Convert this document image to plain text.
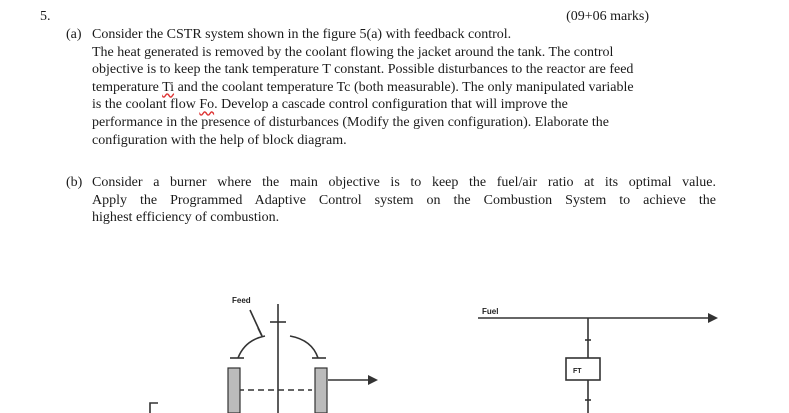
5.	(09+06 marks)
(a) Consider the CSTR system shown in the figure 5(a) with feedback control.
The heat generated is removed by the coolant flowing the jacket around the tank. The control
objective is to keep the tank temperature T constant. Possible disturbances to the reactor are feed
temperature Ti and the coolant temperature Tc (both measurable). The only manipulated variable
is the coolant flow Fo. Develop a cascade control configuration that will improve the
performance in the presence of disturbances (Modify the given configuration). Elaborate the
configuration with the help of block diagram.
(b) Consider a burner where the main objective is to keep the fuel/air ratio at its optimal value.
Apply the Programmed Adaptive Control system on the Combustion System to achieve the
highest efficiency of combustion.
Feed
Fuel
FT
